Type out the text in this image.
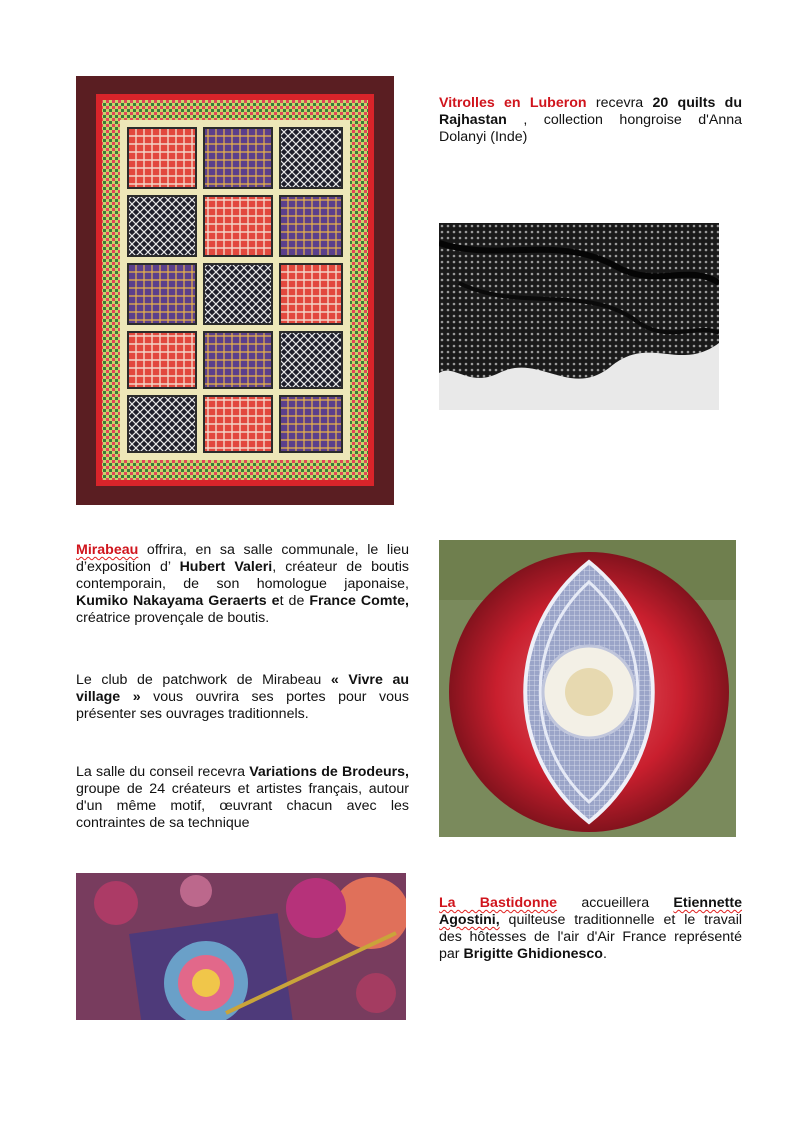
Vitrolles en Luberon recevra 20 quilts du Rajhastan , collection hongroise d'Anna Dolanyi (Inde)

Mirabeau offrira, en sa salle communale, le lieu d’exposition d’ Hubert Valeri, créateur de boutis contemporain, de son homologue japonaise, Kumiko Nakayama Geraerts et de France Comte, créatrice provençale de boutis.

Le club de patchwork de Mirabeau « Vivre au village » vous ouvrira ses portes pour vous présenter ses ouvrages traditionnels.

La salle du conseil recevra Variations de Brodeurs, groupe de 24 créateurs et artistes français, autour d'un même motif, œuvrant chacun avec les contraintes de sa technique

La Bastidonne accueillera Etiennette Agostini, quilteuse traditionnelle et le travail des hôtesses de l'air d'Air France représenté par Brigitte Ghidionesco.
